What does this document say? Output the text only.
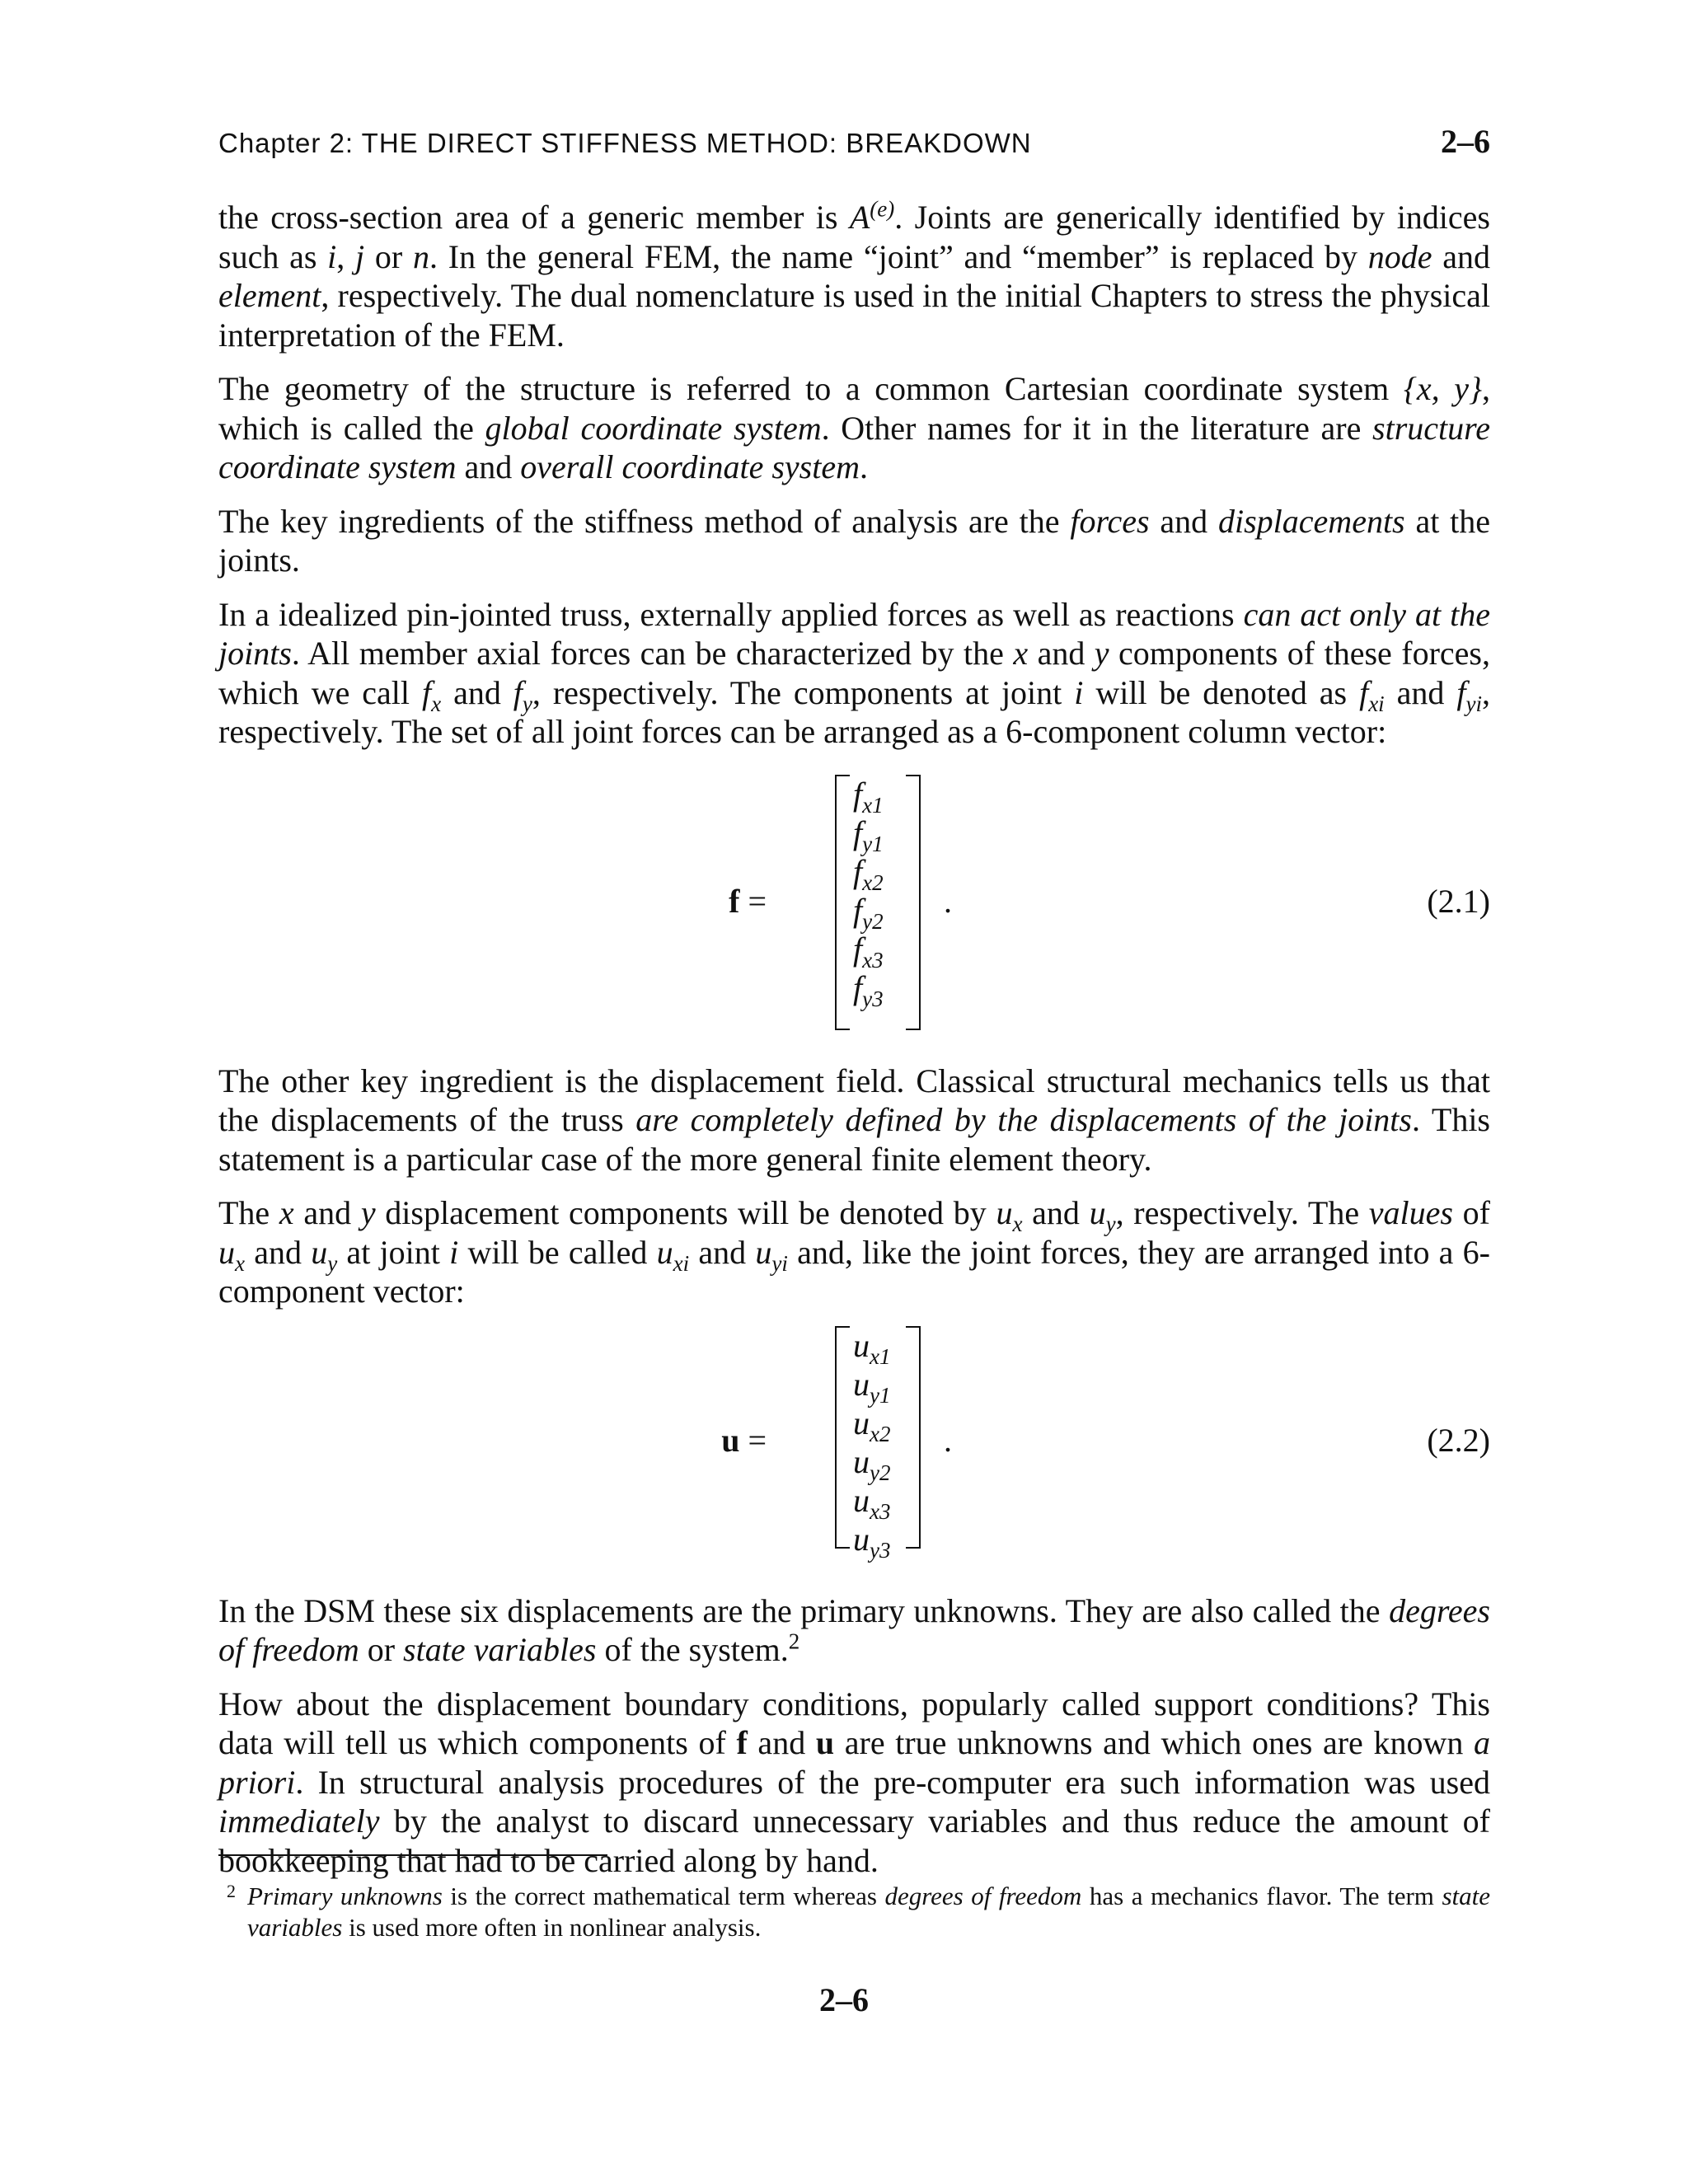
Chapter 2: THE DIRECT STIFFNESS METHOD: BREAKDOWN	2–6

the cross-section area of a generic member is $A^{(e)}$. Joints are generically identified by indices such as i, j or n. In the general FEM, the name “joint” and “member” is replaced by node and element, respectively. The dual nomenclature is used in the initial Chapters to stress the physical interpretation of the FEM.

The geometry of the structure is referred to a common Cartesian coordinate system {x, y}, which is called the global coordinate system. Other names for it in the literature are structure coordinate system and overall coordinate system.

The key ingredients of the stiffness method of analysis are the forces and displacements at the joints.

In a idealized pin-jointed truss, externally applied forces as well as reactions can act only at the joints. All member axial forces can be characterized by the x and y components of these forces, which we call $f_x$ and $f_y$, respectively. The components at joint i will be denoted as $f_{xi}$ and $f_{yi}$, respectively. The set of all joint forces can be arranged as a 6-component column vector:

f =
$f_{x1}$
$f_{y1}$
$f_{x2}$
$f_{y2}$
$f_{x3}$
$f_{y3}$
.	(2.1)

The other key ingredient is the displacement field. Classical structural mechanics tells us that the displacements of the truss are completely defined by the displacements of the joints. This statement is a particular case of the more general finite element theory.

The x and y displacement components will be denoted by $u_x$ and $u_y$, respectively. The values of $u_x$ and $u_y$ at joint i will be called $u_{xi}$ and $u_{yi}$ and, like the joint forces, they are arranged into a 6-component vector:

u =
$u_{x1}$
$u_{y1}$
$u_{x2}$
$u_{y2}$
$u_{x3}$
$u_{y3}$
.	(2.2)

In the DSM these six displacements are the primary unknowns. They are also called the degrees of freedom or state variables of the system.$^2$

How about the displacement boundary conditions, popularly called support conditions? This data will tell us which components of f and u are true unknowns and which ones are known a priori. In structural analysis procedures of the pre-computer era such information was used immediately by the analyst to discard unnecessary variables and thus reduce the amount of bookkeeping that had to be carried along by hand.

2 Primary unknowns is the correct mathematical term whereas degrees of freedom has a mechanics flavor. The term state variables is used more often in nonlinear analysis.
2–6
